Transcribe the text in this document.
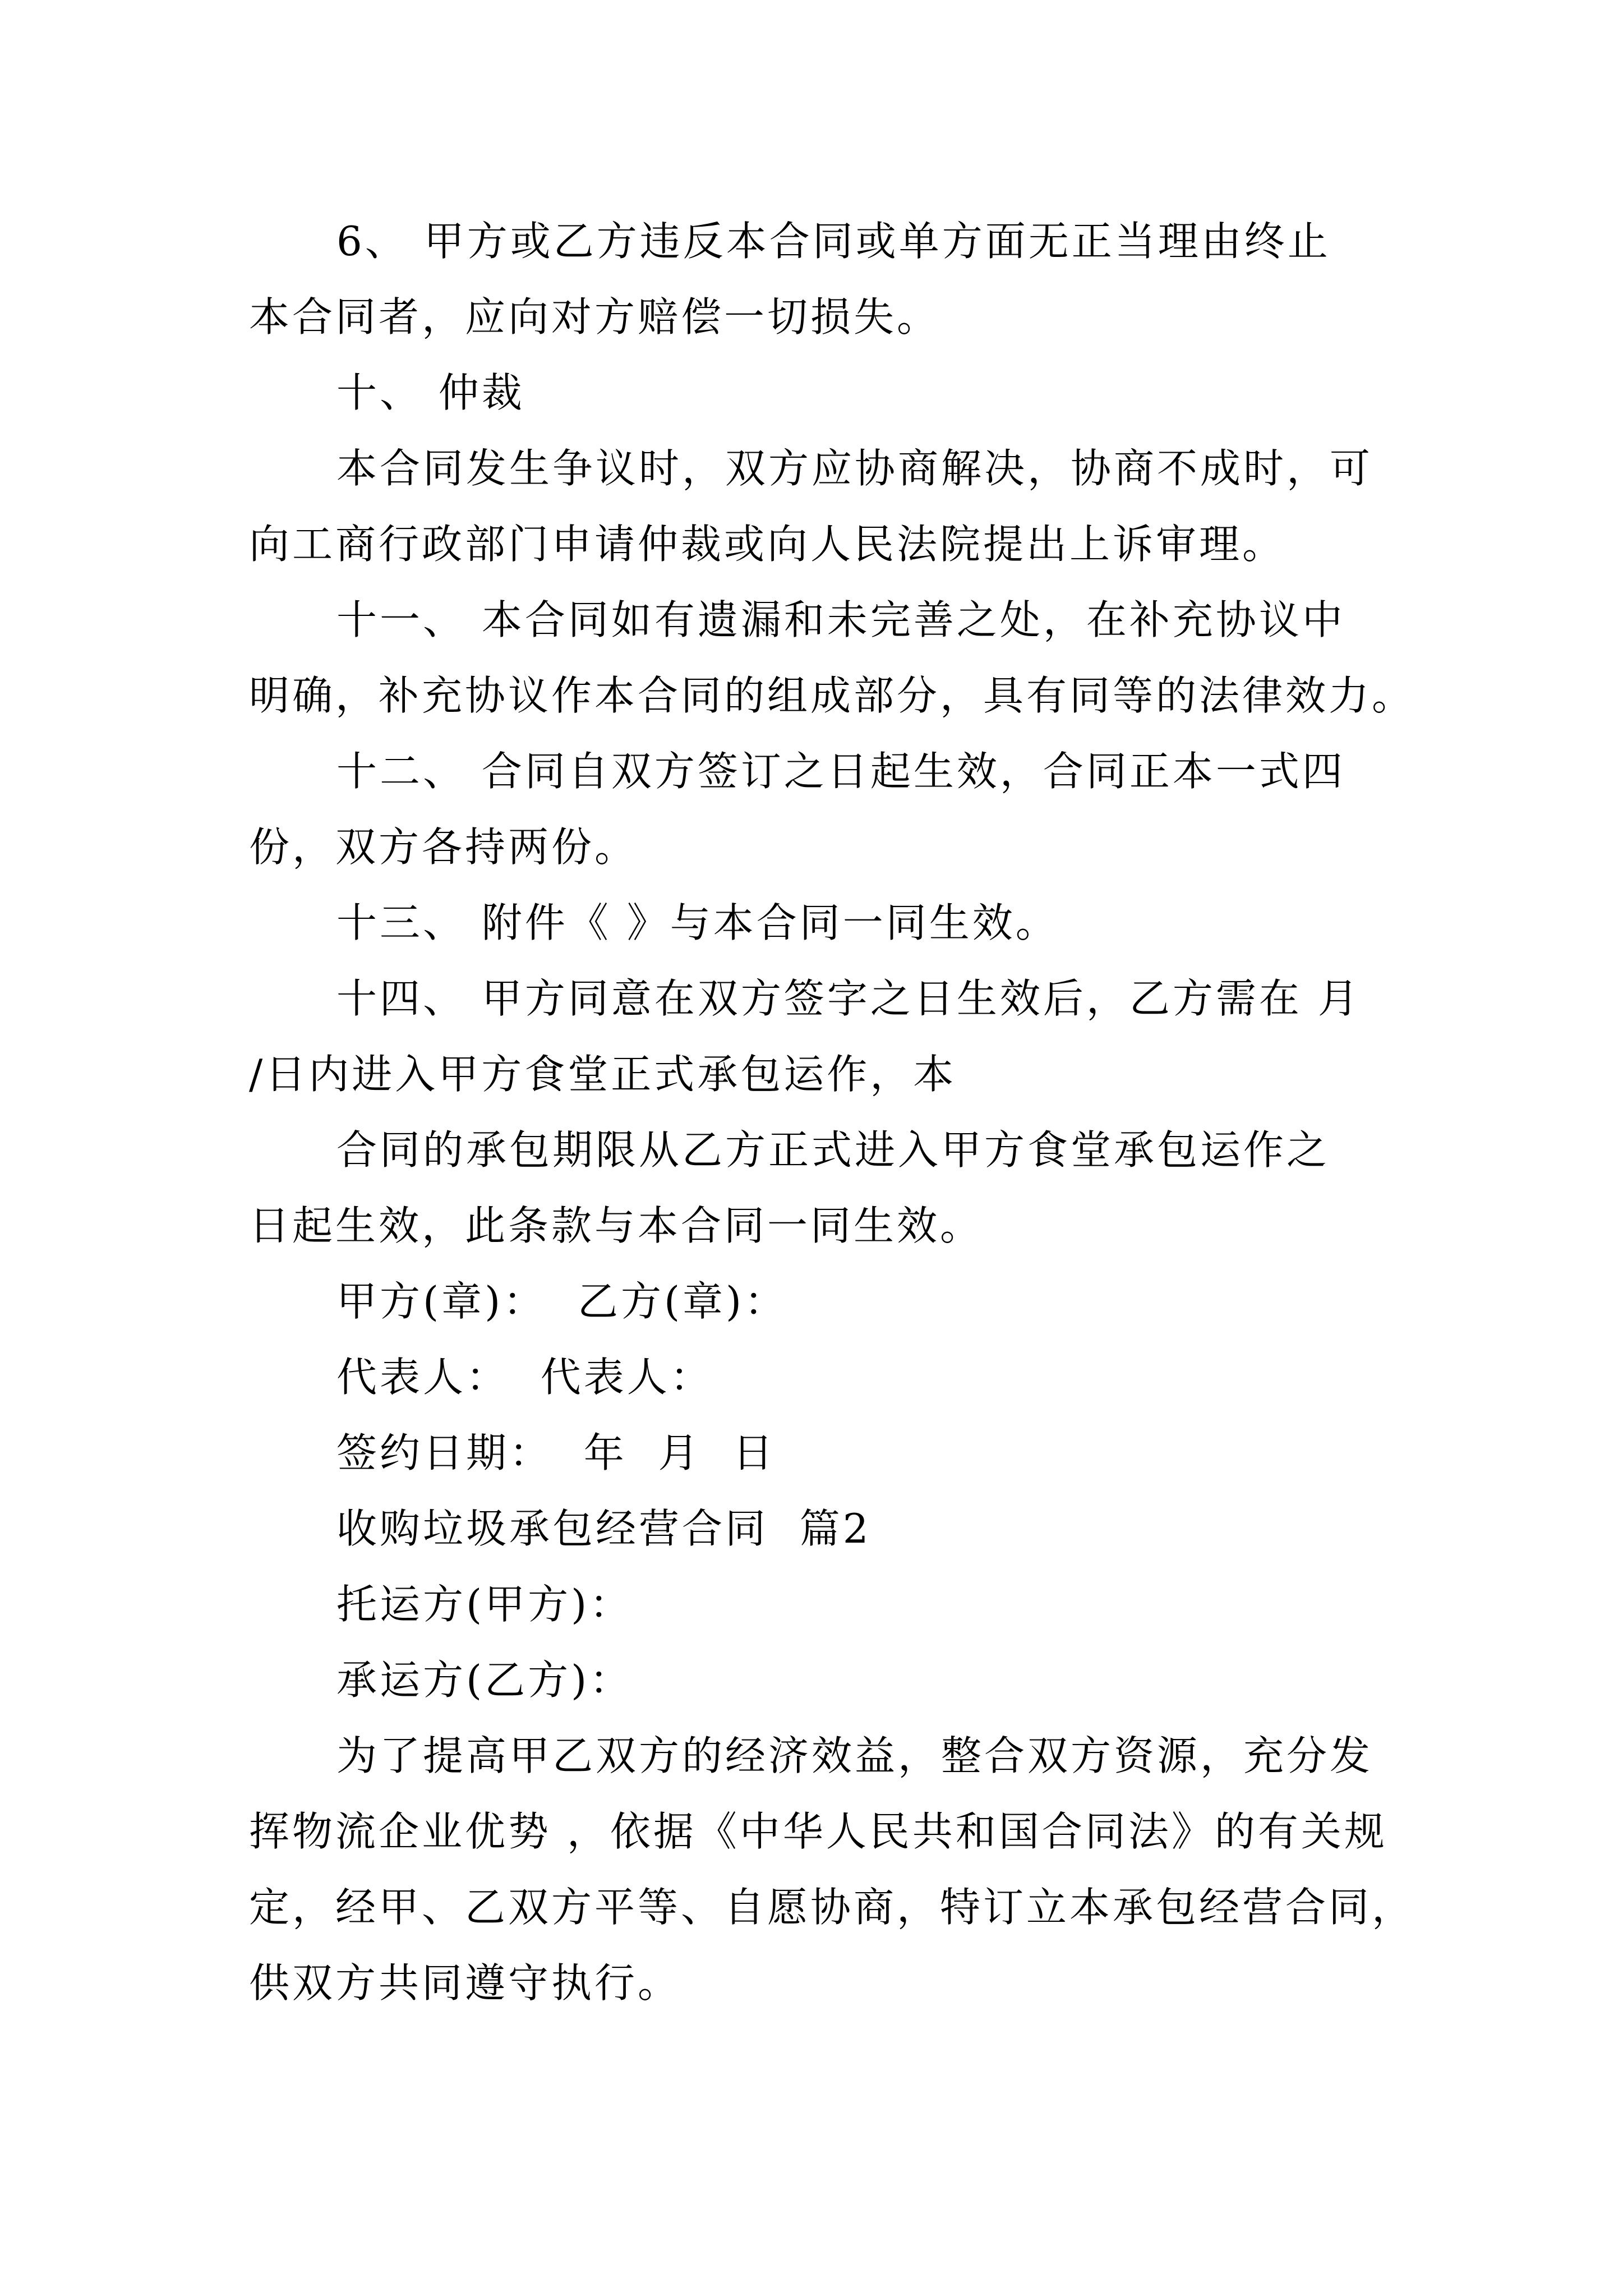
6、 甲方或乙方违反本合同或单方面无正当理由终止
本合同者，应向对方赔偿一切损失。
十、 仲裁
本合同发生争议时，双方应协商解决，协商不成时，可
向工商行政部门申请仲裁或向人民法院提出上诉审理。
十一、 本合同如有遗漏和未完善之处，在补充协议中
明确，补充协议作本合同的组成部分，具有同等的法律效力。
十二、 合同自双方签订之日起生效，合同正本一式四
份，双方各持两份。
十三、 附件《 》与本合同一同生效。
十四、 甲方同意在双方签字之日生效后，乙方需在 月
/日内进入甲方食堂正式承包运作，本
合同的承包期限从乙方正式进入甲方食堂承包运作之
日起生效，此条款与本合同一同生效。
甲方(章)：  乙方(章)：
代表人：  代表人：
签约日期：  年  月  日
收购垃圾承包经营合同  篇2
托运方(甲方)：
承运方(乙方)：
为了提高甲乙双方的经济效益，整合双方资源，充分发
挥物流企业优势 ，依据《中华人民共和国合同法》的有关规
定，经甲、乙双方平等、自愿协商，特订立本承包经营合同，
供双方共同遵守执行。
